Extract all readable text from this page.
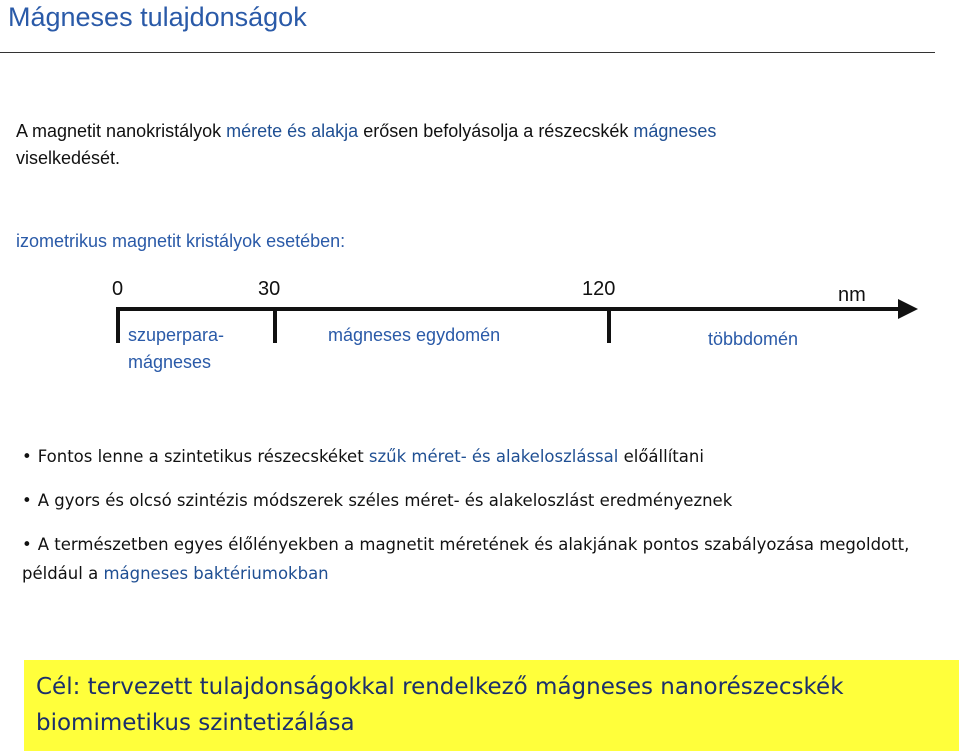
Mágneses tulajdonságok
A magnetit nanokristályok mérete és alakja erősen befolyásolja a részecskék mágneses
viselkedését.
izometrikus magnetit kristályok esetében:
0	30	120	nm
szuperpara-
mágneses
mágneses egydomén	többdomén
• Fontos lenne a szintetikus részecskéket szűk méret- és alakeloszlással előállítani
• A gyors és olcsó szintézis módszerek széles méret- és alakeloszlást eredményeznek
• A természetben egyes élőlényekben a magnetit méretének és alakjának pontos szabályozása megoldott, például a mágneses baktériumokban
Cél: tervezett tulajdonságokkal rendelkező mágneses nanorészecskék biomimetikus szintetizálása
